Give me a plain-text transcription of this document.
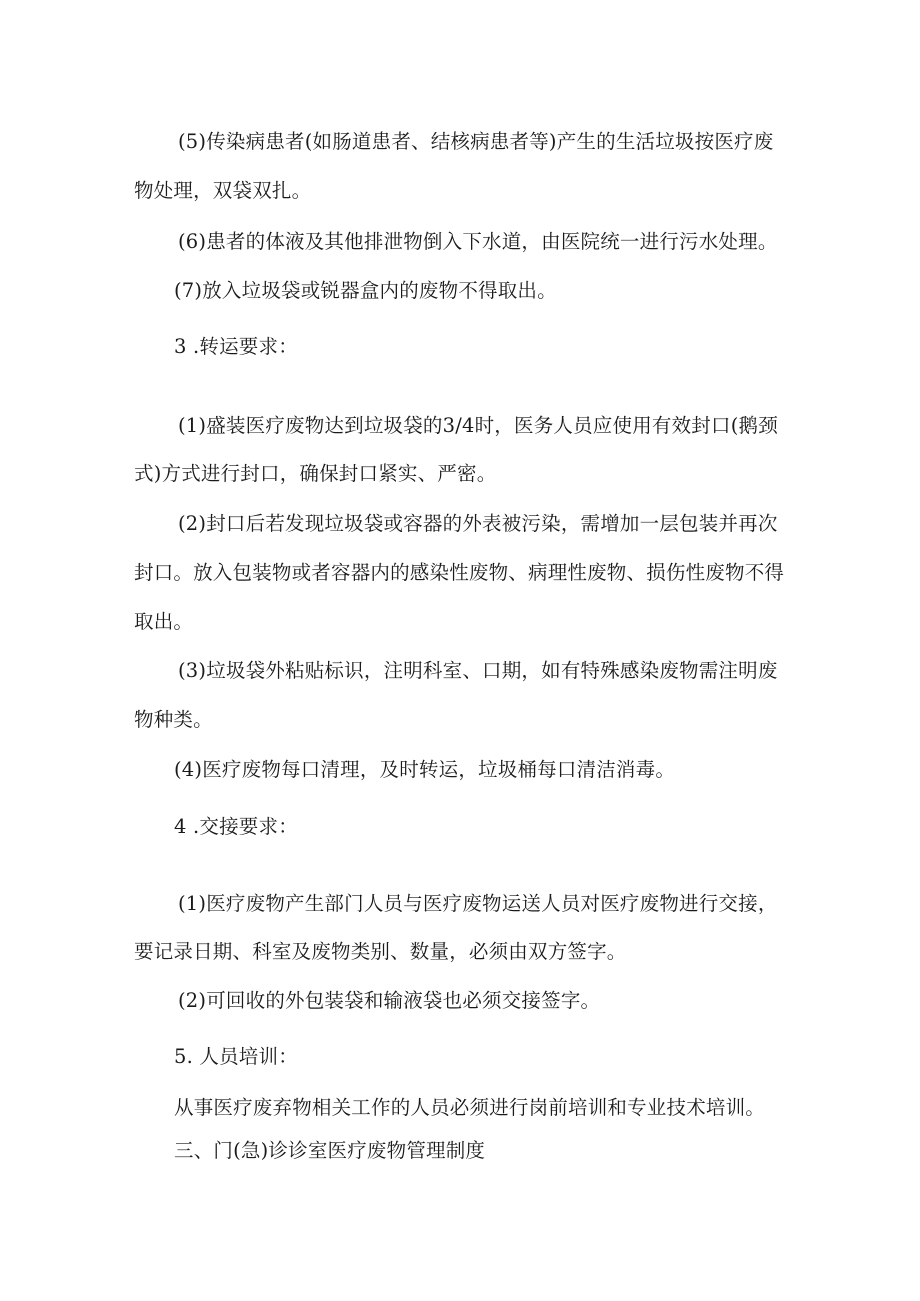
(5)传染病患者(如肠道患者、结核病患者等)产生的生活垃圾按医疗废
物处理，双袋双扎。
(6)患者的体液及其他排泄物倒入下水道，由医院统一进行污水处理。
(7)放入垃圾袋或锐器盒内的废物不得取出。
3 .转运要求：
(1)盛装医疗废物达到垃圾袋的3/4时，医务人员应使用有效封口(鹅颈
式)方式进行封口，确保封口紧实、严密。
(2)封口后若发现垃圾袋或容器的外表被污染，需增加一层包装并再次
封口。放入包装物或者容器内的感染性废物、病理性废物、损伤性废物不得
取出。
(3)垃圾袋外粘贴标识，注明科室、口期，如有特殊感染废物需注明废
物种类。
(4)医疗废物每口清理，及时转运，垃圾桶每口清洁消毒。
4 .交接要求：
(1)医疗废物产生部门人员与医疗废物运送人员对医疗废物进行交接，
要记录日期、科室及废物类别、数量，必须由双方签字。
(2)可回收的外包装袋和输液袋也必须交接签字。
5. 人员培训：
从事医疗废弃物相关工作的人员必须进行岗前培训和专业技术培训。
三、门(急)诊诊室医疗废物管理制度
